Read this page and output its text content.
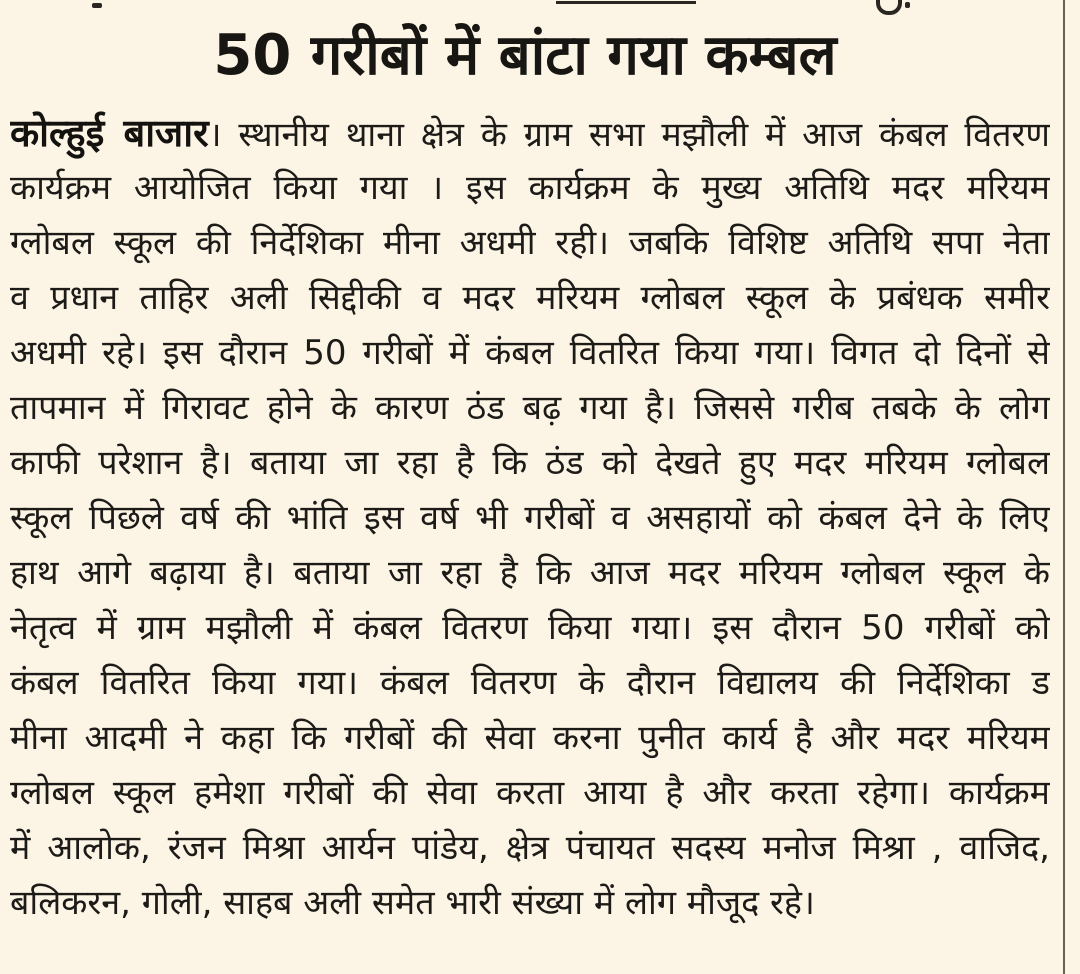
50 गरीबों में बांटा गया कम्बल
कोल्हुई बाजार। स्थानीय थाना क्षेत्र के ग्राम सभा मझौली में आज कंबल वितरण
कार्यक्रम आयोजित किया गया । इस कार्यक्रम के मुख्य अतिथि मदर मरियम
ग्लोबल स्कूल की निर्देशिका मीना अधमी रही। जबकि विशिष्ट अतिथि सपा नेता
व प्रधान ताहिर अली सिद्दीकी व मदर मरियम ग्लोबल स्कूल के प्रबंधक समीर
अधमी रहे। इस दौरान 50 गरीबों में कंबल वितरित किया गया। विगत दो दिनों से
तापमान में गिरावट होने के कारण ठंड बढ़ गया है। जिससे गरीब तबके के लोग
काफी परेशान है। बताया जा रहा है कि ठंड को देखते हुए मदर मरियम ग्लोबल
स्कूल पिछले वर्ष की भांति इस वर्ष भी गरीबों व असहायों को कंबल देने के लिए
हाथ आगे बढ़ाया है। बताया जा रहा है कि आज मदर मरियम ग्लोबल स्कूल के
नेतृत्व में ग्राम मझौली में कंबल वितरण किया गया। इस दौरान 50 गरीबों को
कंबल वितरित किया गया। कंबल वितरण के दौरान विद्यालय की निर्देशिका ड
मीना आदमी ने कहा कि गरीबों की सेवा करना पुनीत कार्य है और मदर मरियम
ग्लोबल स्कूल हमेशा गरीबों की सेवा करता आया है और करता रहेगा। कार्यक्रम
में आलोक, रंजन मिश्रा आर्यन पांडेय, क्षेत्र पंचायत सदस्य मनोज मिश्रा , वाजिद,
बलिकरन, गोली, साहब अली समेत भारी संख्या में लोग मौजूद रहे।
